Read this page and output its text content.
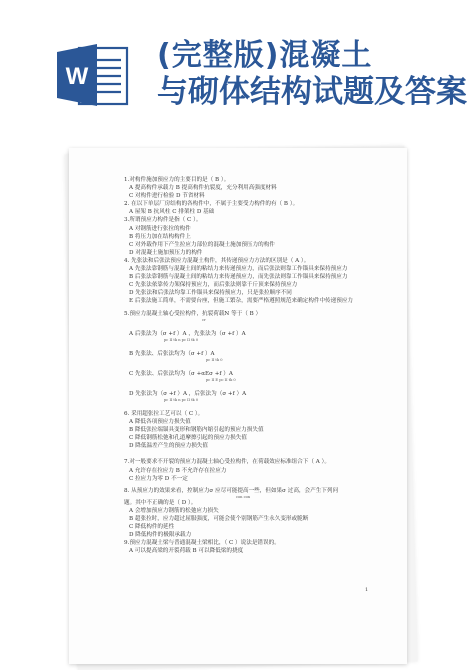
W
(完整版)混凝土
与砌体结构试题及答案
1.对构件施加预应力的主要目的是（ B ）。
A 提高构件承载力 B 提高构件抗裂度，充分利用高强度材料
C 对构件进行检验 D 节省材料
2. 在以下单层厂房结构的各构件中，不属于主要受力构件的有（ B ）。
A 屋架 B 抗风柱 C 排架柱 D 基础
3.所谓预应力构件是指（ C ）。
A 对钢筋进行张拉的构件
B 将压力加在结构构件上
C 对外载作用下产生拉应力部位的混凝土施加预压力的构件
D 对混凝土施加预压力的构件
4. 先张法和后张法预应力混凝土构件，其传递预应力方法的区别是（ A ）。
A 先张法靠钢筋与混凝土间的粘结力来传递预应力，而后张法则靠工作锚具来保持预应力
B 后张法靠钢筋与混凝土间的粘结力来传递预应力，而先张法则靠工作锚具来保持预应力
C 先张法依靠传力架保持预应力，而后张法则靠千斤顶来保持预应力
D 先张法和后张法均靠工作锚具来保持预应力，只是张拉顺序不同
E 后张法施工简单，不需要台座，但施工繁杂，需要严格遵照规范来确定构件中传递预应力
5.预应力混凝土轴心受拉构件，抗裂荷载N 等于（ B ）
cr
A 后张法为（σ +f ）A ，先张法为（σ +f ）A
pc II tk n pc II tk 0
B 先张法、后张法均为（σ +f ）A
pc II tk 0
C 先张法、后张法均为（σ +αEσ +f ）A
pc II E pc II tk 0
D 先张法为（σ +f ）A ，后张法为（σ +f ）A
pc II tk n pc II tk 0
6. 采用超张拉工艺可以（ C ）。
A 降低各项预应力损失值
B 降低张拉端锚具变形和钢筋内缩引起的预应力损失值
C 降低钢筋松弛和孔道摩擦引起的预应力损失值
D 降低温差产生的预应力损失值
7.对一般要求不开裂的预应力混凝土轴心受拉构件，在荷载效应标准组合下（ A ）。
A 允许存在拉应力 B 不允许存在拉应力
C 拉应力为零 D 不一定
8. 从预应力的效果来看，控制应力σ 应尽可能提高一些，但如果σ 过高，会产生下列问
con con
题。其中不正确的是（ D ）。
A 会增加预应力钢筋的松弛应力损失
B 超张拉时，应力超过屈服强度，可能会使个别钢筋产生永久变形或脆断
C 降低构件的延性
D 降低构件的极限承载力
9.预应力混凝土梁与普通混凝土梁相比，（ C ）说法是错误的。
A 可以提高梁的开裂荷载 B 可以降低梁的挠度
1
